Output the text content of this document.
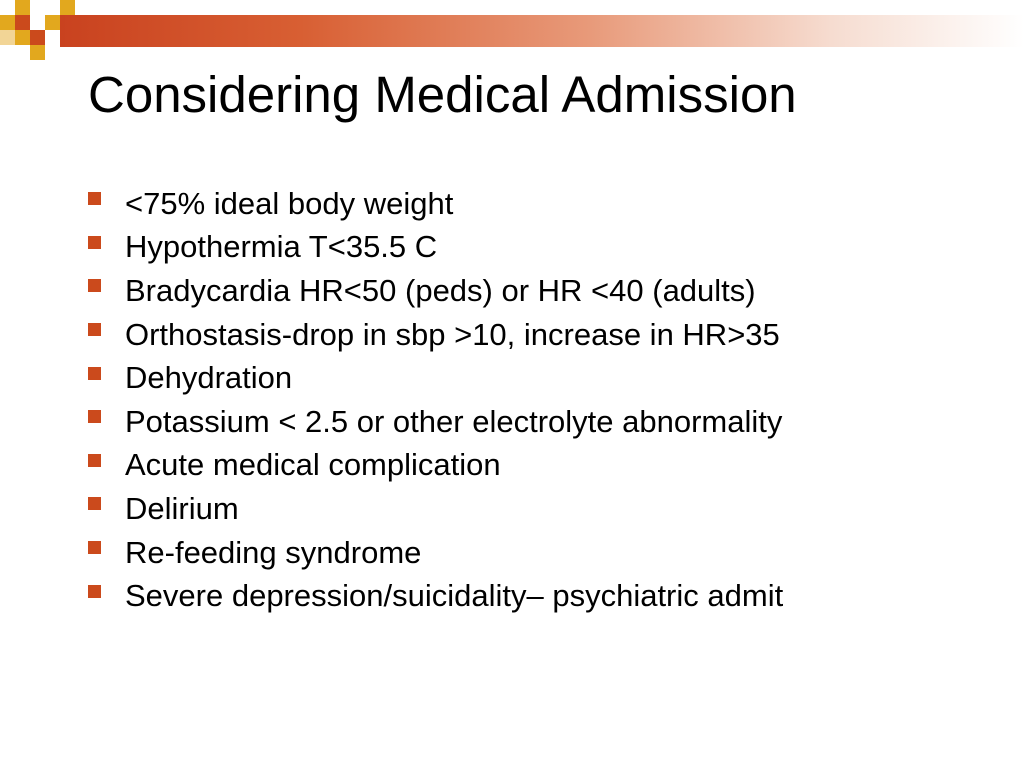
Considering Medical Admission
<75% ideal body weight
Hypothermia T<35.5 C
Bradycardia HR<50 (peds) or HR <40 (adults)
Orthostasis-drop in sbp >10, increase in HR>35
Dehydration
Potassium < 2.5 or other electrolyte abnormality
Acute medical complication
Delirium
Re-feeding syndrome
Severe depression/suicidality– psychiatric admit
